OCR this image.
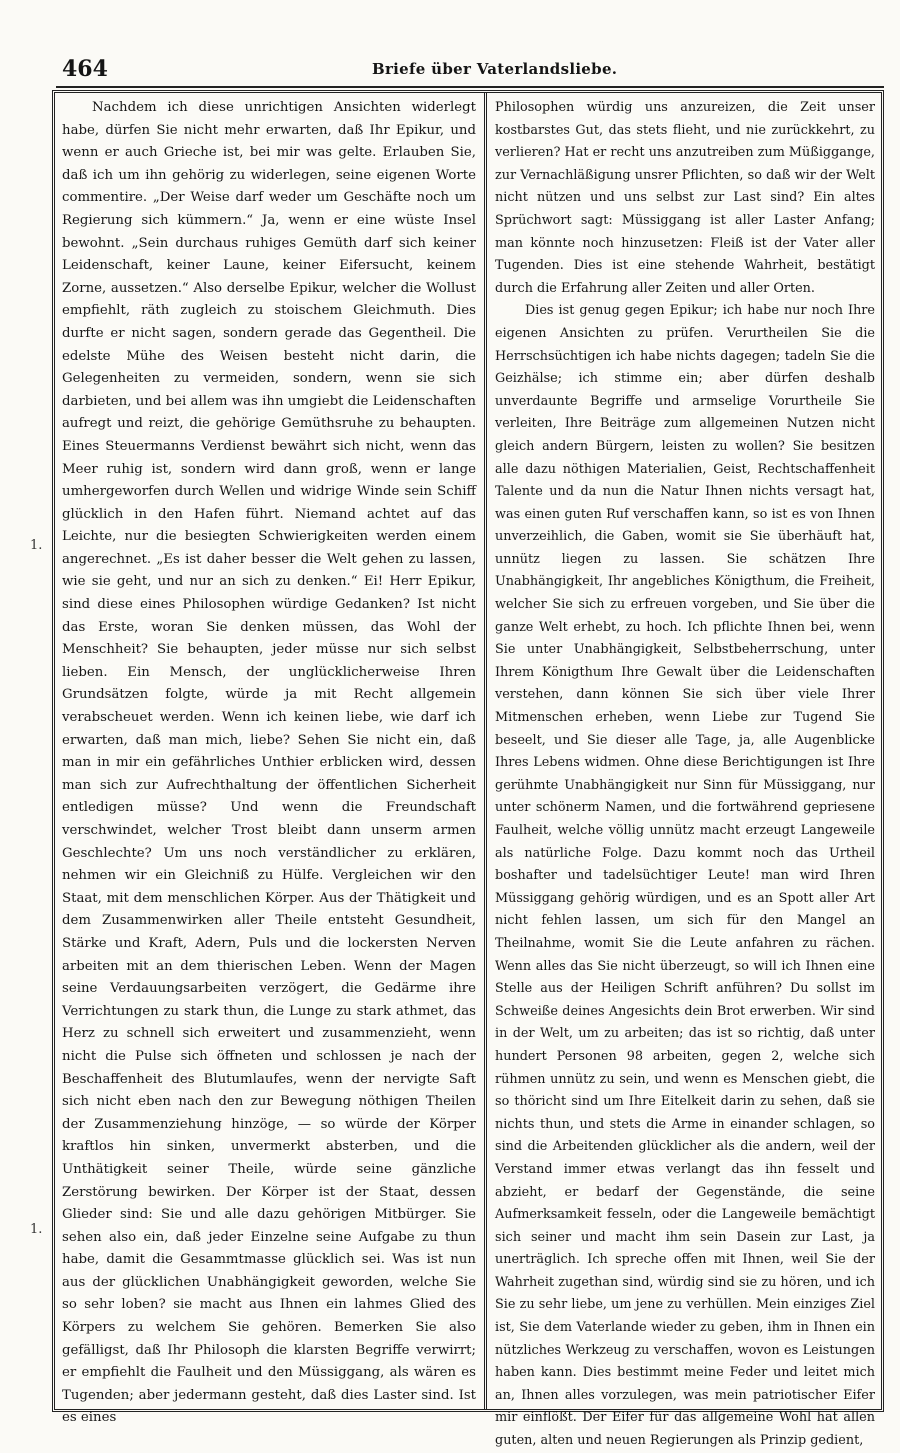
464	Briefe über Vaterlandsliebe.
1.
1.

Nachdem ich diese unrichtigen Ansichten widerlegt habe, dürfen Sie nicht mehr erwarten, daß Ihr Epikur, und wenn er auch Grieche ist, bei mir was gelte. Erlauben Sie, daß ich um ihn gehörig zu widerlegen, seine eigenen Worte commentire. „Der Weise darf weder um Geschäfte noch um Regierung sich kümmern.“ Ja, wenn er eine wüste Insel bewohnt. „Sein durchaus ruhiges Gemüth darf sich keiner Leidenschaft, keiner Laune, keiner Eifersucht, keinem Zorne, aussetzen.“ Also derselbe Epikur, welcher die Wollust empfiehlt, räth zugleich zu stoischem Gleichmuth. Dies durfte er nicht sagen, sondern gerade das Gegentheil. Die edelste Mühe des Weisen besteht nicht darin, die Gelegenheiten zu vermeiden, sondern, wenn sie sich darbieten, und bei allem was ihn umgiebt die Leidenschaften aufregt und reizt, die gehörige Gemüthsruhe zu behaupten. Eines Steuermanns Verdienst bewährt sich nicht, wenn das Meer ruhig ist, sondern wird dann groß, wenn er lange umhergeworfen durch Wellen und widrige Winde sein Schiff glücklich in den Hafen führt. Niemand achtet auf das Leichte, nur die besiegten Schwierigkeiten werden einem angerechnet. „Es ist daher besser die Welt gehen zu lassen, wie sie geht, und nur an sich zu denken.“ Ei! Herr Epikur, sind diese eines Philosophen würdige Gedanken? Ist nicht das Erste, woran Sie denken müssen, das Wohl der Menschheit? Sie behaupten, jeder müsse nur sich selbst lieben. Ein Mensch, der unglücklicherweise Ihren Grundsätzen folgte, würde ja mit Recht allgemein verabscheuet werden. Wenn ich keinen liebe, wie darf ich erwarten, daß man mich, liebe? Sehen Sie nicht ein, daß man in mir ein gefährliches Unthier erblicken wird, dessen man sich zur Aufrechthaltung der öffentlichen Sicherheit entledigen müsse? Und wenn die Freundschaft verschwindet, welcher Trost bleibt dann unserm armen Geschlechte? Um uns noch verständlicher zu erklären, nehmen wir ein Gleichniß zu Hülfe. Vergleichen wir den Staat, mit dem menschlichen Körper. Aus der Thätigkeit und dem Zusammenwirken aller Theile entsteht Gesundheit, Stärke und Kraft, Adern, Puls und die lockersten Nerven arbeiten mit an dem thierischen Leben. Wenn der Magen seine Verdauungsarbeiten verzögert, die Gedärme ihre Verrichtungen zu stark thun, die Lunge zu stark athmet, das Herz zu schnell sich erweitert und zusammenzieht, wenn nicht die Pulse sich öffneten und schlossen je nach der Beschaffenheit des Blutumlaufes, wenn der nervigte Saft sich nicht eben nach den zur Bewegung nöthigen Theilen der Zusammenziehung hinzöge, — so würde der Körper kraftlos hin sinken, unvermerkt absterben, und die Unthätigkeit seiner Theile, würde seine gänzliche Zerstörung bewirken. Der Körper ist der Staat, dessen Glieder sind: Sie und alle dazu gehörigen Mitbürger. Sie sehen also ein, daß jeder Einzelne seine Aufgabe zu thun habe, damit die Gesammtmasse glücklich sei. Was ist nun aus der glücklichen Unabhängigkeit geworden, welche Sie so sehr loben? sie macht aus Ihnen ein lahmes Glied des Körpers zu welchem Sie gehören. Bemerken Sie also gefälligst, daß Ihr Philosoph die klarsten Begriffe verwirrt; er empfiehlt die Faulheit und den Müssiggang, als wären es Tugenden; aber jedermann gesteht, daß dies Laster sind. Ist es eines

Philosophen würdig uns anzureizen, die Zeit unser kostbarstes Gut, das stets flieht, und nie zurückkehrt, zu verlieren? Hat er recht uns anzutreiben zum Müßiggange, zur Vernachläßigung unsrer Pflichten, so daß wir der Welt nicht nützen und uns selbst zur Last sind? Ein altes Sprüchwort sagt: Müssiggang ist aller Laster Anfang; man könnte noch hinzusetzen: Fleiß ist der Vater aller Tugenden. Dies ist eine stehende Wahrheit, bestätigt durch die Erfahrung aller Zeiten und aller Orten.

Dies ist genug gegen Epikur; ich habe nur noch Ihre eigenen Ansichten zu prüfen. Verurtheilen Sie die Herrschsüchtigen ich habe nichts dagegen; tadeln Sie die Geizhälse; ich stimme ein; aber dürfen deshalb unverdaunte Begriffe und armselige Vorurtheile Sie verleiten, Ihre Beiträge zum allgemeinen Nutzen nicht gleich andern Bürgern, leisten zu wollen? Sie besitzen alle dazu nöthigen Materialien, Geist, Rechtschaffenheit Talente und da nun die Natur Ihnen nichts versagt hat, was einen guten Ruf verschaffen kann, so ist es von Ihnen unverzeihlich, die Gaben, womit sie Sie überhäuft hat, unnütz liegen zu lassen. Sie schätzen Ihre Unabhängigkeit, Ihr angebliches Königthum, die Freiheit, welcher Sie sich zu erfreuen vorgeben, und Sie über die ganze Welt erhebt, zu hoch. Ich pflichte Ihnen bei, wenn Sie unter Unabhängigkeit, Selbstbeherrschung, unter Ihrem Königthum Ihre Gewalt über die Leidenschaften verstehen, dann können Sie sich über viele Ihrer Mitmenschen erheben, wenn Liebe zur Tugend Sie beseelt, und Sie dieser alle Tage, ja, alle Augenblicke Ihres Lebens widmen. Ohne diese Berichtigungen ist Ihre gerühmte Unabhängigkeit nur Sinn für Müssiggang, nur unter schönerm Namen, und die fortwährend gepriesene Faulheit, welche völlig unnütz macht erzeugt Langeweile als natürliche Folge. Dazu kommt noch das Urtheil boshafter und tadelsüchtiger Leute! man wird Ihren Müssiggang gehörig würdigen, und es an Spott aller Art nicht fehlen lassen, um sich für den Mangel an Theilnahme, womit Sie die Leute anfahren zu rächen. Wenn alles das Sie nicht überzeugt, so will ich Ihnen eine Stelle aus der Heiligen Schrift anführen? Du sollst im Schweiße deines Angesichts dein Brot erwerben. Wir sind in der Welt, um zu arbeiten; das ist so richtig, daß unter hundert Personen 98 arbeiten, gegen 2, welche sich rühmen unnütz zu sein, und wenn es Menschen giebt, die so thöricht sind um Ihre Eitelkeit darin zu sehen, daß sie nichts thun, und stets die Arme in einander schlagen, so sind die Arbeitenden glücklicher als die andern, weil der Verstand immer etwas verlangt das ihn fesselt und abzieht, er bedarf der Gegenstände, die seine Aufmerksamkeit fesseln, oder die Langeweile bemächtigt sich seiner und macht ihm sein Dasein zur Last, ja unerträglich. Ich spreche offen mit Ihnen, weil Sie der Wahrheit zugethan sind, würdig sind sie zu hören, und ich Sie zu sehr liebe, um jene zu verhüllen. Mein einziges Ziel ist, Sie dem Vaterlande wieder zu geben, ihm in Ihnen ein nützliches Werkzeug zu verschaffen, wovon es Leistungen haben kann. Dies bestimmt meine Feder und leitet mich an, Ihnen alles vorzulegen, was mein patriotischer Eifer mir einflößt. Der Eifer für das allgemeine Wohl hat allen guten, alten und neuen Regierungen als Prinzip gedient,
